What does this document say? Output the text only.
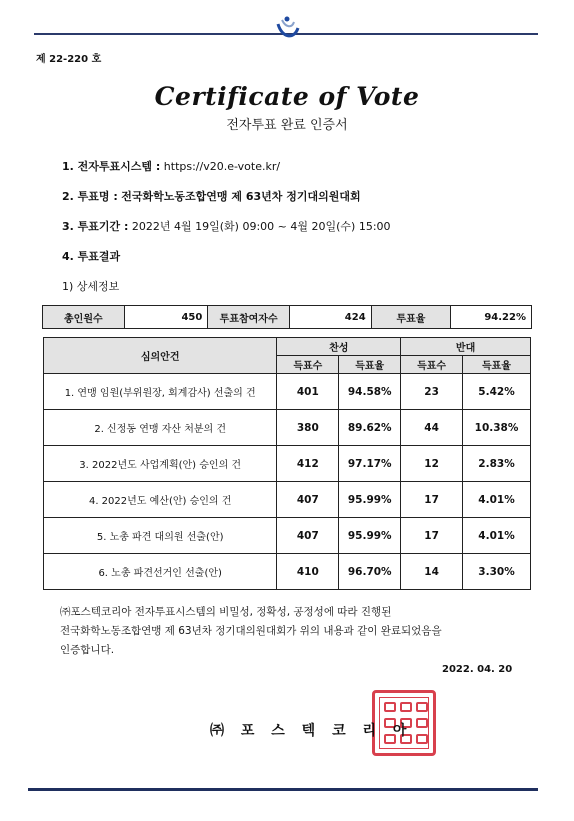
제 22-220 호
Certificate of Vote
전자투표 완료 인증서
1. 전자투표시스템 : https://v20.e-vote.kr/
2. 투표명 : 전국화학노동조합연맹 제 63년차 정기대의원대회
3. 투표기간 : 2022년 4월 19일(화) 09:00 ~ 4월 20일(수) 15:00
4. 투표결과
1) 상세정보
총인원수	450	투표참여자수	424	투표율	94.22%
심의안건	찬성		반대	
	득표수	득표율	득표수	득표율
1. 연맹 임원(부위원장, 회계감사) 선출의 건	401	94.58%	23	5.42%
2. 신정동 연맹 자산 처분의 건	380	89.62%	44	10.38%
3. 2022년도 사업계획(안) 승인의 건	412	97.17%	12	2.83%
4. 2022년도 예산(안) 승인의 건	407	95.99%	17	4.01%
5. 노총 파견 대의원 선출(안)	407	95.99%	17	4.01%
6. 노총 파견선거인 선출(안)	410	96.70%	14	3.30%
㈜포스텍코리아 전자투표시스템의 비밀성, 정확성, 공정성에 따라 진행된
전국화학노동조합연맹 제 63년차 정기대의원대회가 위의 내용과 같이 완료되었음을
인증합니다.
2022. 04. 20
㈜ 포 스 텍 코 리 아
